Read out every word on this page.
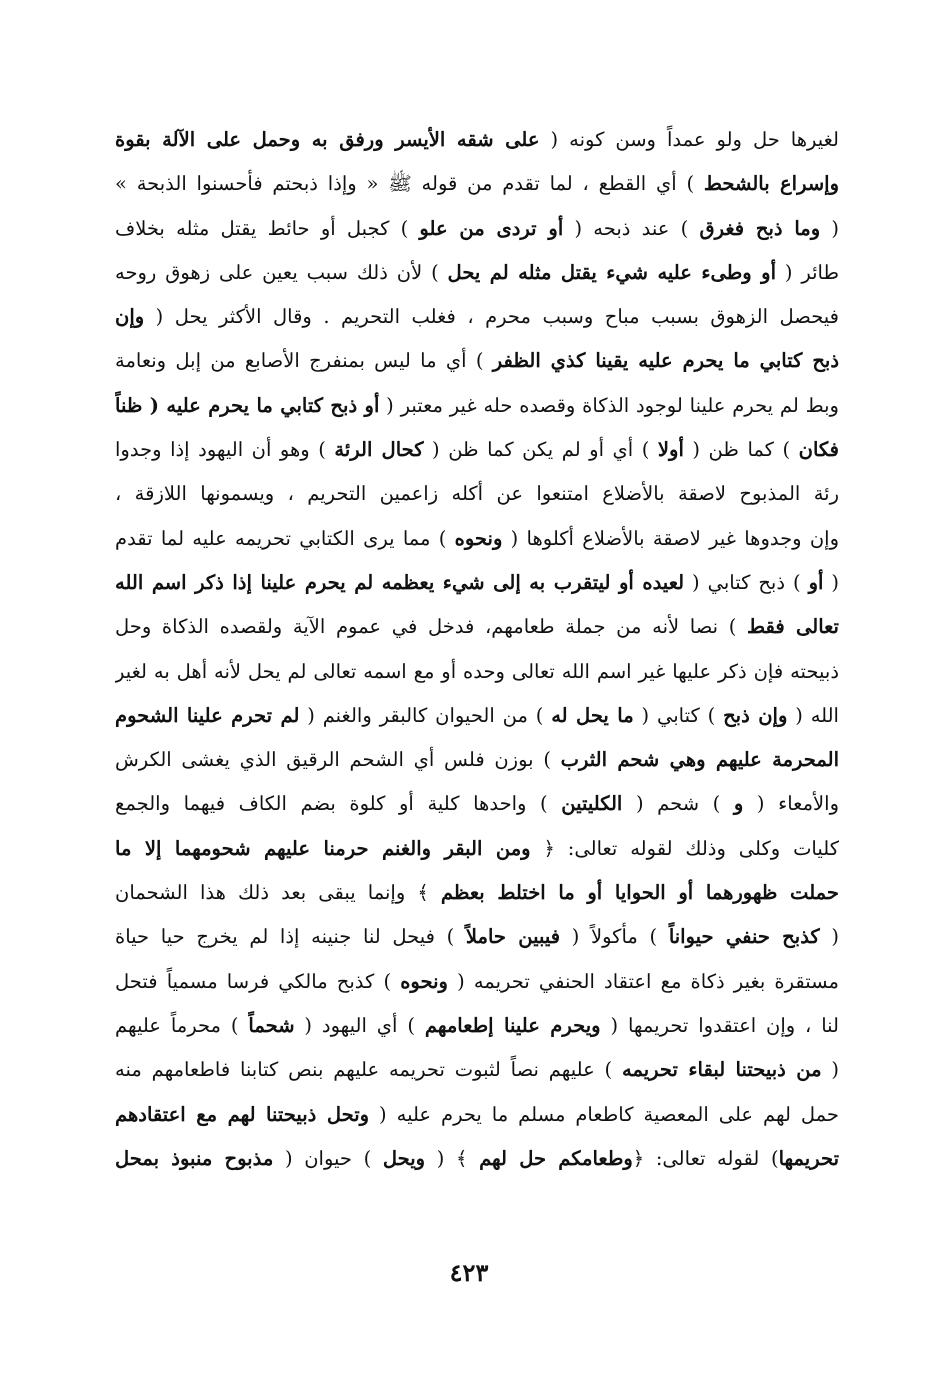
لغيرها حل ولو عمداً وسن كونه ( على شقه الأيسر ورفق به وحمل على الآلة بقوة
وإسراع بالشحط ) أي القطع ، لما تقدم من قوله ﷺ « وإذا ذبحتم فأحسنوا الذبحة »
( وما ذبح فغرق ) عند ذبحه ( أو تردى من علو ) كجبل أو حائط يقتل مثله بخلاف
طائر ( أو وطىء عليه شيء يقتل مثله لم يحل ) لأن ذلك سبب يعين على زهوق روحه
فيحصل الزهوق بسبب مباح وسبب محرم ، فغلب التحريم . وقال الأكثر يحل ( وإن
ذبح كتابي ما يحرم عليه يقينا كذي الظفر ) أي ما ليس بمنفرج الأصابع من إبل ونعامة
وبط لم يحرم علينا لوجود الذكاة وقصده حله غير معتبر ( أو ذبح كتابي ما يحرم عليه ( ظناً
فكان ) كما ظن ( أولا ) أي أو لم يكن كما ظن ( كحال الرئة ) وهو أن اليهود إذا وجدوا
رئة المذبوح لاصقة بالأضلاع امتنعوا عن أكله زاعمين التحريم ، ويسمونها اللازقة ،
وإن وجدوها غير لاصقة بالأضلاع أكلوها ( ونحوه ) مما يرى الكتابي تحريمه عليه لما تقدم
( أو ) ذبح كتابي ( لعيده أو ليتقرب به إلى شيء يعظمه لم يحرم علينا إذا ذكر اسم الله
تعالى فقط ) نصا لأنه من جملة طعامهم، فدخل في عموم الآية ولقصده الذكاة وحل
ذبيحته فإن ذكر عليها غير اسم الله تعالى وحده أو مع اسمه تعالى لم يحل لأنه أهل به لغير
الله ( وإن ذبح ) كتابي ( ما يحل له ) من الحيوان كالبقر والغنم ( لم تحرم علينا الشحوم
المحرمة عليهم وهي شحم الثرب ) بوزن فلس أي الشحم الرقيق الذي يغشى الكرش
والأمعاء ( و ) شحم ( الكليتين ) واحدها كلية أو كلوة بضم الكاف فيهما والجمع
كليات وكلى وذلك لقوله تعالى: ﴿ ومن البقر والغنم حرمنا عليهم شحومهما إلا ما
حملت ظهورهما أو الحوايا أو ما اختلط بعظم ﴾ وإنما يبقى بعد ذلك هذا الشحمان
( كذبح حنفي حيواناً ) مأكولاً ( فيبين حاملاً ) فيحل لنا جنينه إذا لم يخرج حيا حياة
مستقرة بغير ذكاة مع اعتقاد الحنفي تحريمه ( ونحوه ) كذبح مالكي فرسا مسمياً فتحل
لنا ، وإن اعتقدوا تحريمها ( ويحرم علينا إطعامهم ) أي اليهود ( شحماً ) محرماً عليهم
( من ذبيحتنا لبقاء تحريمه ) عليهم نصاً لثبوت تحريمه عليهم بنص كتابنا فاطعامهم منه
حمل لهم على المعصية كاطعام مسلم ما يحرم عليه ( وتحل ذبيحتنا لهم مع اعتقادهم
تحريمها) لقوله تعالى: ﴿وطعامكم حل لهم ﴾ ( ويحل ) حيوان ( مذبوح منبوذ بمحل
٤٢٣
